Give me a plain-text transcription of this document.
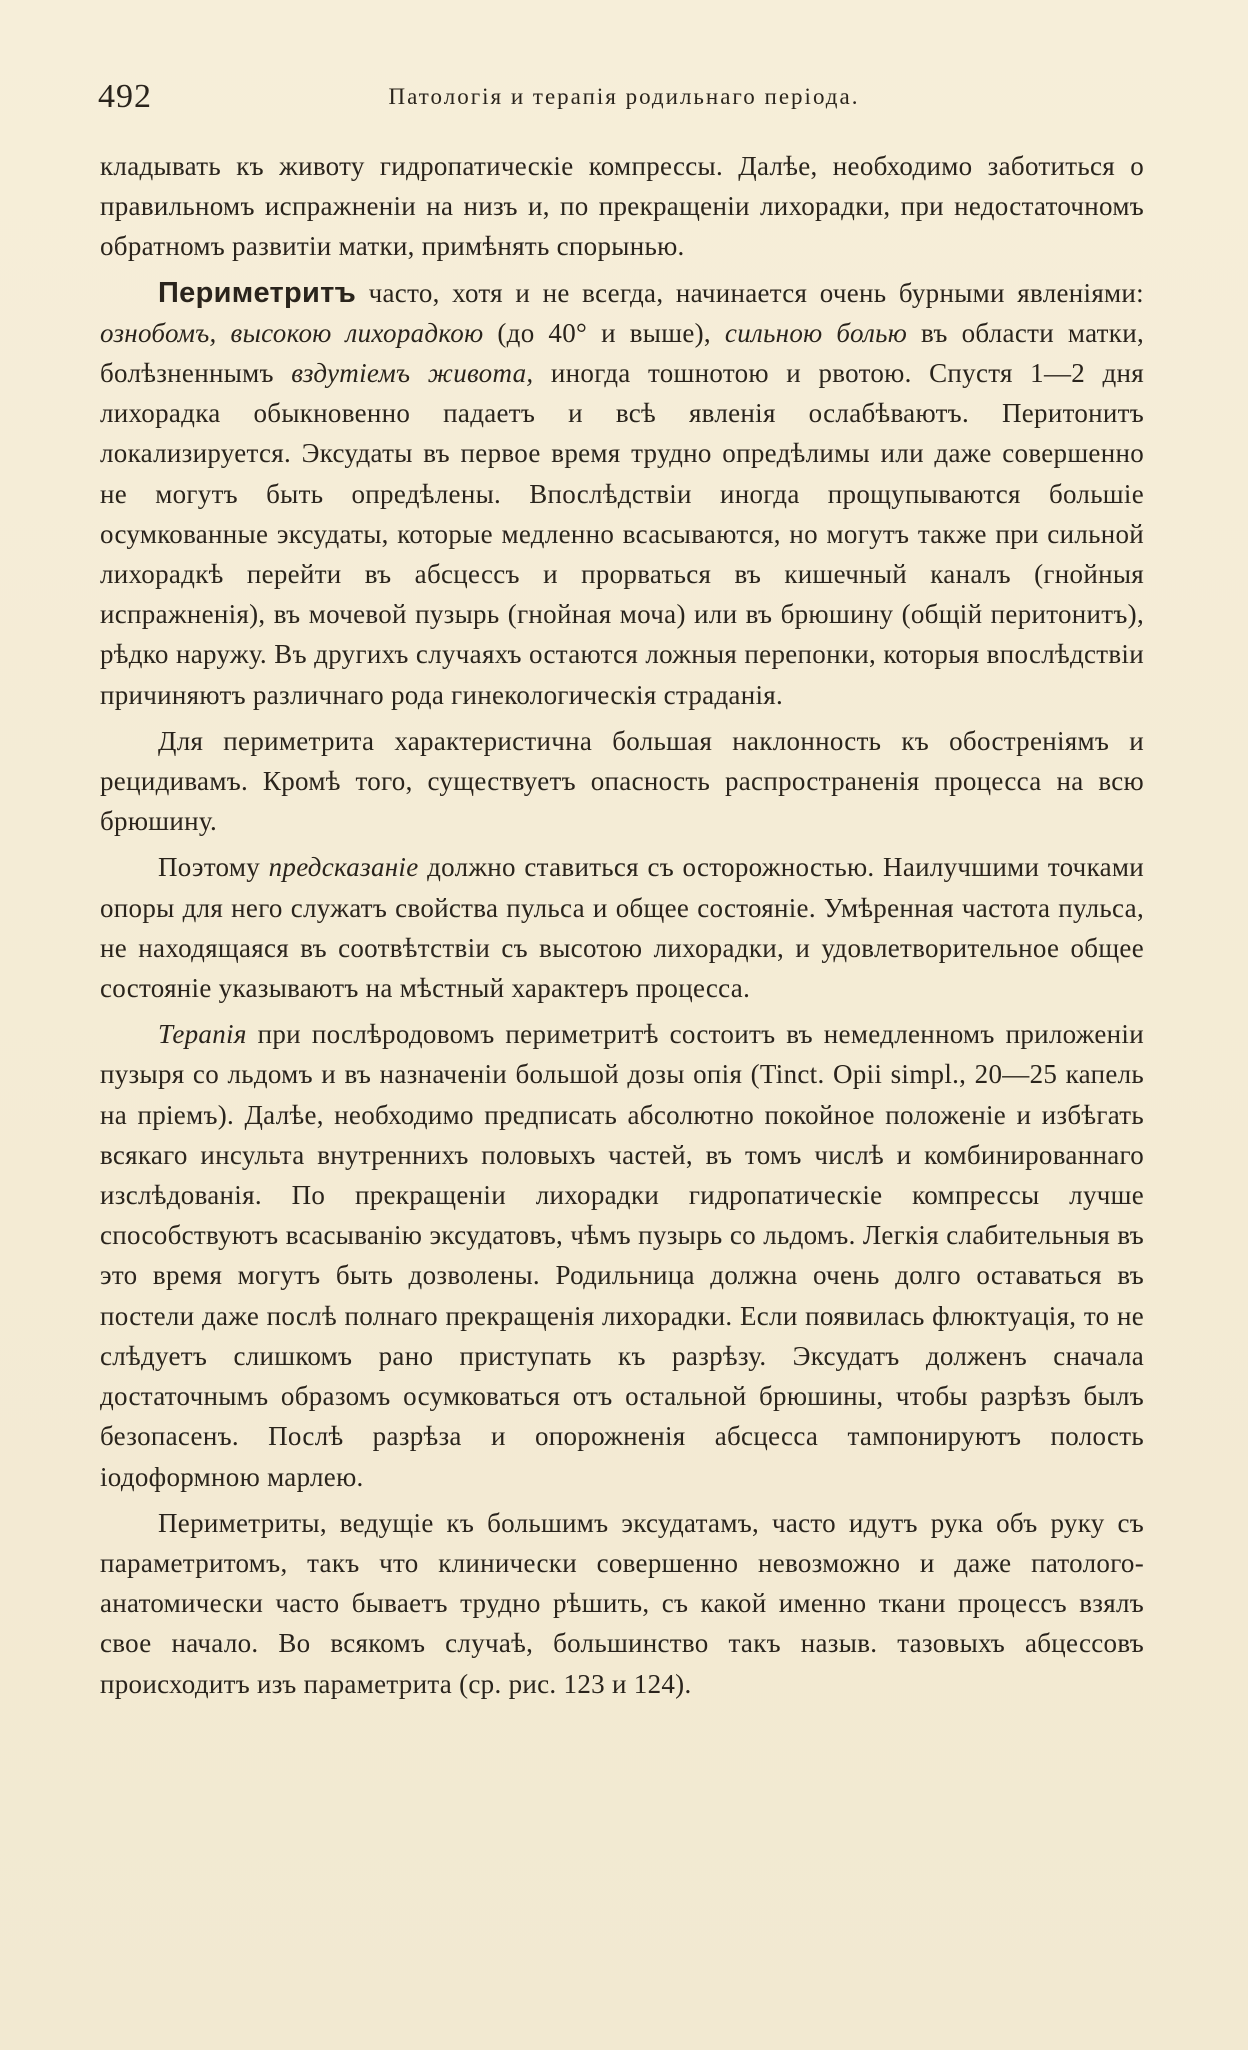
492	Патологія и терапія родильнаго періода.

кладывать къ животу гидропатическіе компрессы. Далѣе, необходимо заботиться о правильномъ испражненіи на низъ и, по прекращеніи лихорадки, при недостаточномъ обратномъ развитіи матки, примѣнять спорынью.

Периметритъ часто, хотя и не всегда, начинается очень бурными явленіями: ознобомъ, высокою лихорадкою (до 40° и выше), сильною болью въ области матки, болѣзненнымъ вздутіемъ живота, иногда тошнотою и рвотою. Спустя 1—2 дня лихорадка обыкновенно падаетъ и всѣ явленія ослабѣваютъ. Перитонитъ локализируется. Эксудаты въ первое время трудно опредѣлимы или даже совершенно не могутъ быть опредѣлены. Впослѣдствіи иногда прощупываются большіе осумкованные эксудаты, которые медленно всасываются, но могутъ также при сильной лихорадкѣ перейти въ абсцессъ и прорваться въ кишечный каналъ (гнойныя испражненія), въ мочевой пузырь (гнойная моча) или въ брюшину (общій перитонитъ), рѣдко наружу. Въ другихъ случаяхъ остаются ложныя перепонки, которыя впослѣдствіи причиняютъ различнаго рода гинекологическія страданія.

Для периметрита характеристична большая наклонность къ обостреніямъ и рецидивамъ. Кромѣ того, существуетъ опасность распространенія процесса на всю брюшину.

Поэтому предсказаніе должно ставиться съ осторожностью. Наилучшими точками опоры для него служатъ свойства пульса и общее состояніе. Умѣренная частота пульса, не находящаяся въ соотвѣтствіи съ высотою лихорадки, и удовлетворительное общее состояніе указываютъ на мѣстный характеръ процесса.

Терапія при послѣродовомъ периметритѣ состоитъ въ немедленномъ приложеніи пузыря со льдомъ и въ назначеніи большой дозы опія (Tinct. Opii simpl., 20—25 капель на пріемъ). Далѣе, необходимо предписать абсолютно покойное положеніе и избѣгать всякаго инсульта внутреннихъ половыхъ частей, въ томъ числѣ и комбинированнаго изслѣдованія. По прекращеніи лихорадки гидропатическіе компрессы лучше способствуютъ всасыванію эксудатовъ, чѣмъ пузырь со льдомъ. Легкія слабительныя въ это время могутъ быть дозволены. Родильница должна очень долго оставаться въ постели даже послѣ полнаго прекращенія лихорадки. Если появилась флюктуація, то не слѣдуетъ слишкомъ рано приступать къ разрѣзу. Эксудатъ долженъ сначала достаточнымъ образомъ осумковаться отъ остальной брюшины, чтобы разрѣзъ былъ безопасенъ. Послѣ разрѣза и опорожненія абсцесса тампонируютъ полость іодоформною марлею.

Периметриты, ведущіе къ большимъ эксудатамъ, часто идутъ рука объ руку съ параметритомъ, такъ что клинически совершенно невозможно и даже патолого-анатомически часто бываетъ трудно рѣшить, съ какой именно ткани процессъ взялъ свое начало. Во всякомъ случаѣ, большинство такъ назыв. тазовыхъ абцессовъ происходитъ изъ параметрита (ср. рис. 123 и 124).
